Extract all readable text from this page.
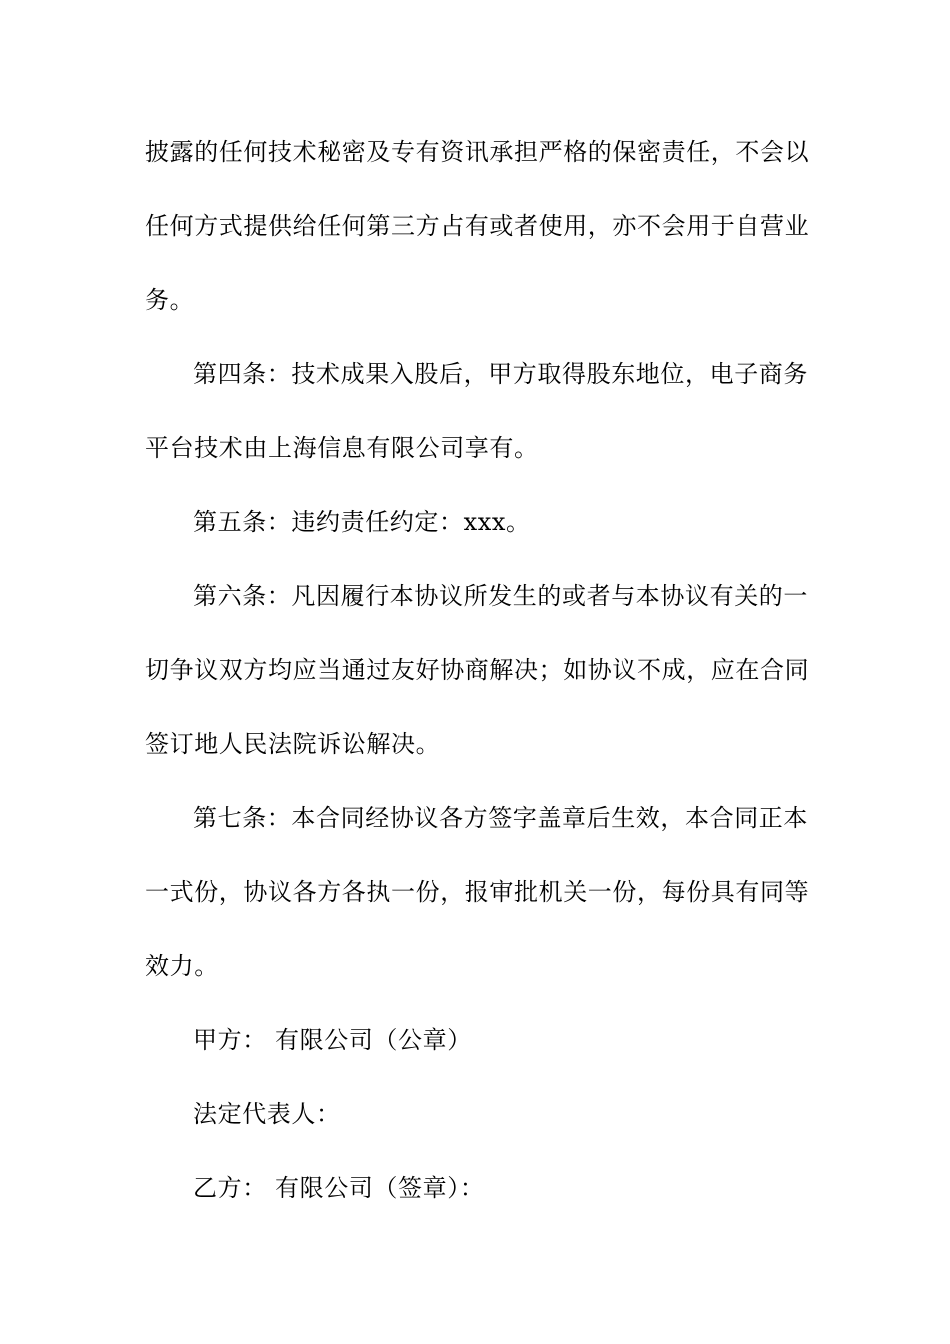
披露的任何技术秘密及专有资讯承担严格的保密责任，不会以
任何方式提供给任何第三方占有或者使用，亦不会用于自营业
务。
第四条：技术成果入股后，甲方取得股东地位，电子商务
平台技术由上海信息有限公司享有。
第五条：违约责任约定：xxx。
第六条：凡因履行本协议所发生的或者与本协议有关的一
切争议双方均应当通过友好协商解决；如协议不成，应在合同
签订地人民法院诉讼解决。
第七条：本合同经协议各方签字盖章后生效，本合同正本
一式份，协议各方各执一份，报审批机关一份，每份具有同等
效力。
甲方： 有限公司（公章）
法定代表人：
乙方： 有限公司（签章）：
